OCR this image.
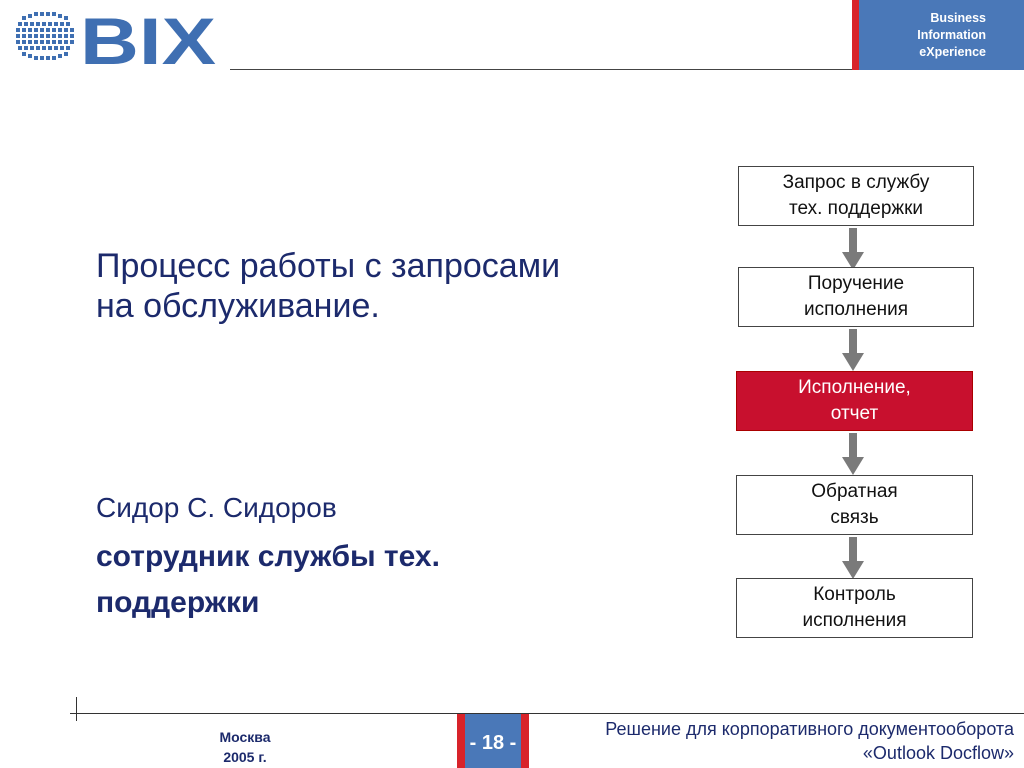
BIX	Business
Information
eXperience
Процесс работы с запросами
на обслуживание.
Сидор С. Сидоров
сотрудник службы тех.
поддержки
Запрос в службу
тех. поддержки
Поручение
исполнения
Исполнение,
отчет
Обратная
связь
Контроль
исполнения
Москва
2005 г.
- 18 -
Решение для корпоративного документооборота
«Outlook Docflow»
